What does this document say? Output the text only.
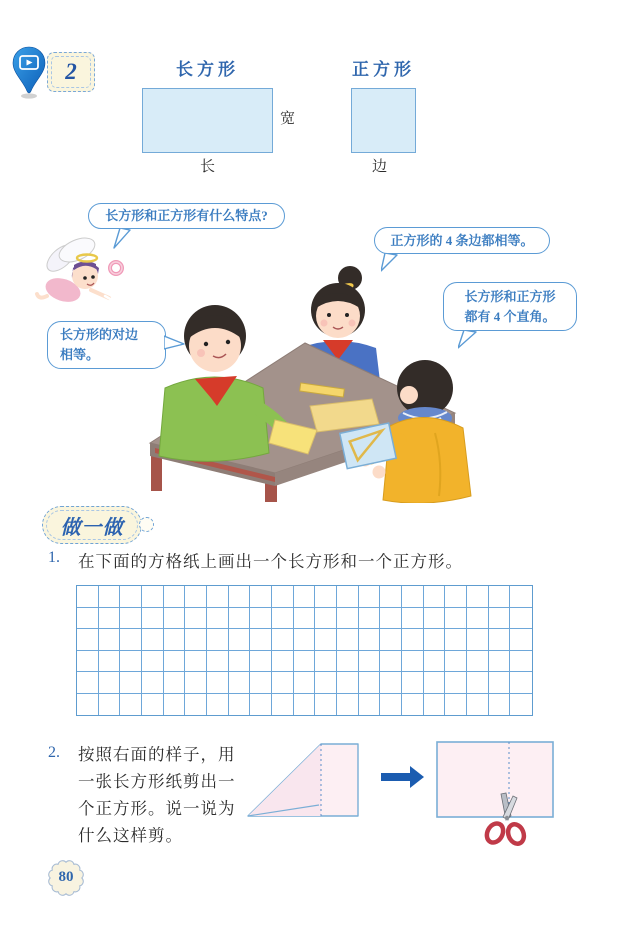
2	长方形
宽
长
正方形
边
长方形和正方形有什么特点?
正方形的 4 条边都相等。
长方形和正方形
都有 4 个直角。
长方形的对边
相等。
做一做
1. 在下面的方格纸上画出一个长方形和一个正方形。
2. 按照右面的样子，用
一张长方形纸剪出一
个正方形。说一说为
什么这样剪。
80
